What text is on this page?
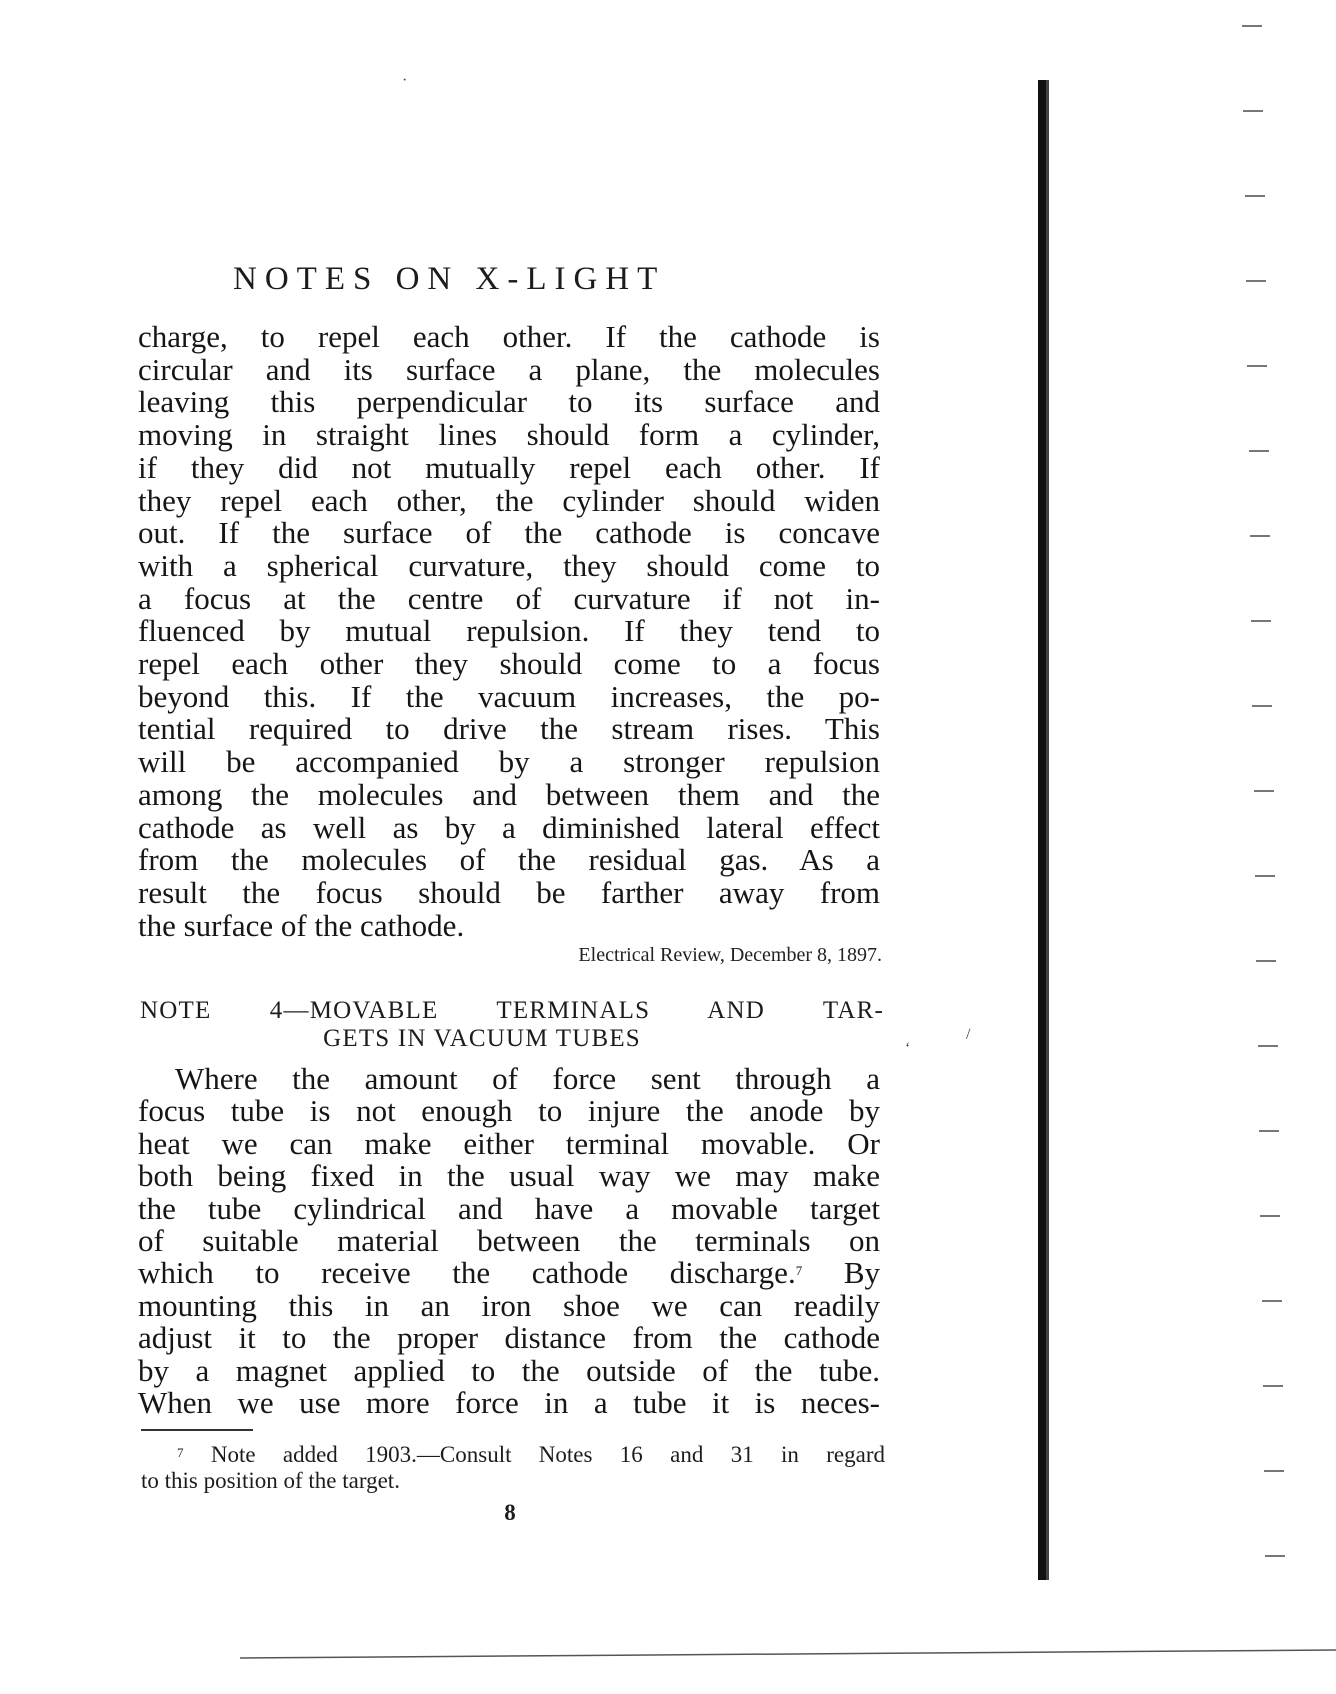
NOTES ON X-LIGHT
charge, to repel each other. If the cathode is
circular and its surface a plane, the molecules
leaving this perpendicular to its surface and
moving in straight lines should form a cylinder,
if they did not mutually repel each other. If
they repel each other, the cylinder should widen
out. If the surface of the cathode is concave
with a spherical curvature, they should come to
a focus at the centre of curvature if not in-
fluenced by mutual repulsion. If they tend to
repel each other they should come to a focus
beyond this. If the vacuum increases, the po-
tential required to drive the stream rises. This
will be accompanied by a stronger repulsion
among the molecules and between them and the
cathode as well as by a diminished lateral effect
from the molecules of the residual gas. As a
result the focus should be farther away from
the surface of the cathode.
Electrical Review, December 8, 1897.
NOTE 4—MOVABLE TERMINALS AND TAR-
GETS IN VACUUM TUBES
Where the amount of force sent through a
focus tube is not enough to injure the anode by
heat we can make either terminal movable. Or
both being fixed in the usual way we may make
the tube cylindrical and have a movable target
of suitable material between the terminals on
which to receive the cathode discharge.$^7$ By
mounting this in an iron shoe we can readily
adjust it to the proper distance from the cathode
by a magnet applied to the outside of the tube.
When we use more force in a tube it is neces-
$^7$ Note added 1903.—Consult Notes 16 and 31 in regard
to this position of the target.
8
·
/
‘
